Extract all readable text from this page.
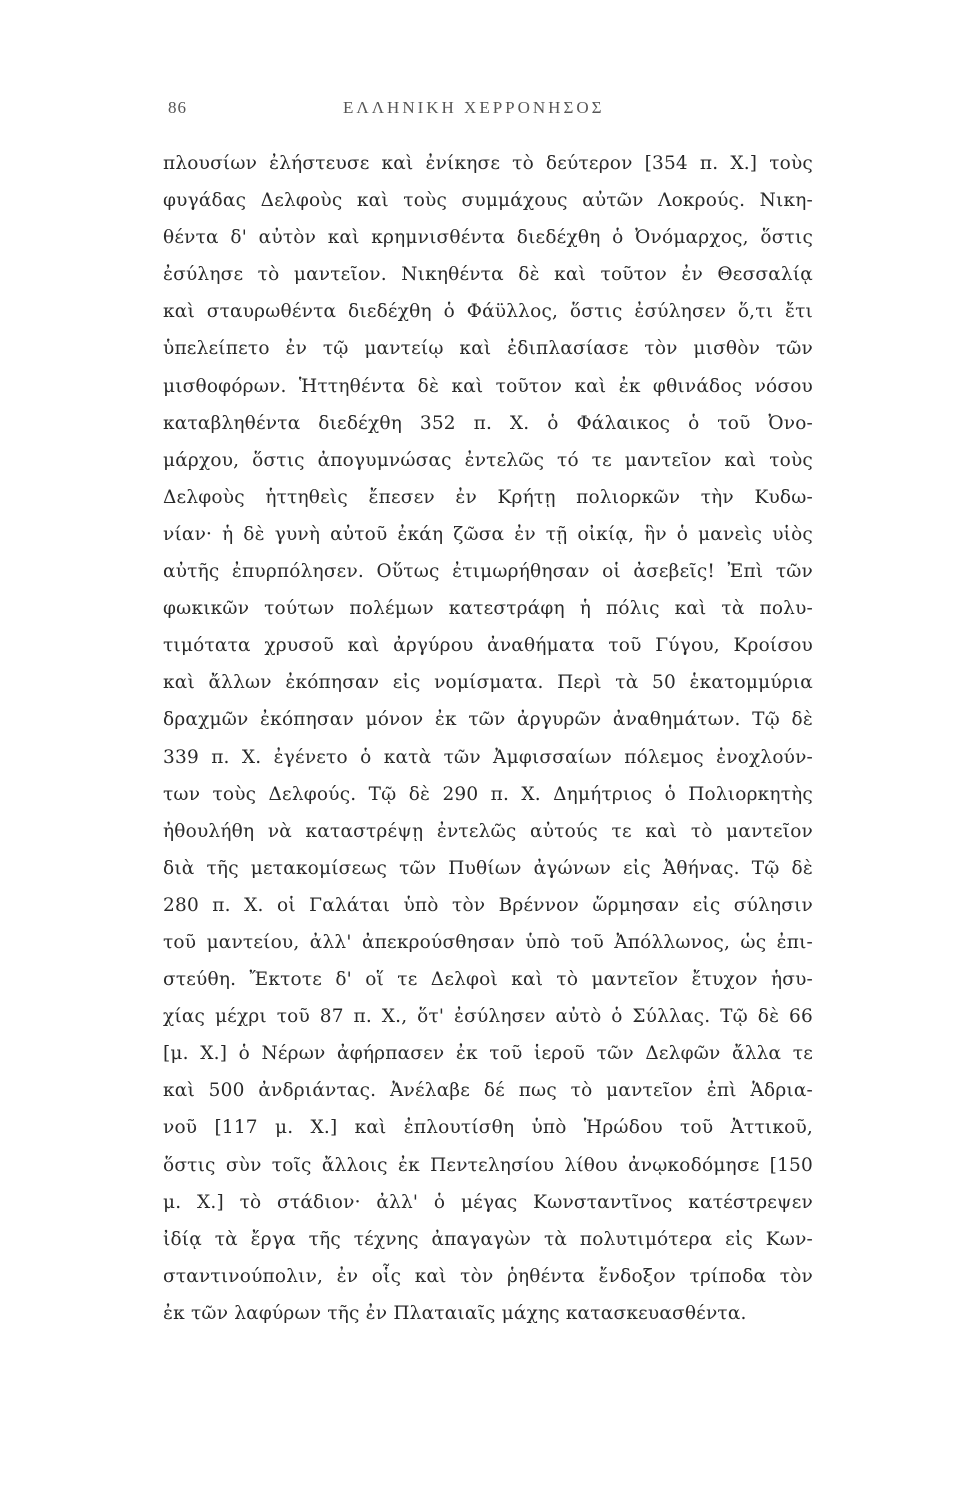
86	ΕΛΛΗΝΙΚΗ ΧΕΡΡΟΝΗΣΟΣ
πλουσίων ἐλήστευσε καὶ ἐνίκησε τὸ δεύτερον [354 π. Χ.] τοὺς
φυγάδας Δελφοὺς καὶ τοὺς συμμάχους αὐτῶν Λοκρούς. Νικη-
θέντα δ' αὐτὸν καὶ κρημνισθέντα διεδέχθη ὁ Ὀνόμαρχος, ὅστις
ἐσύλησε τὸ μαντεῖον. Νικηθέντα δὲ καὶ τοῦτον ἐν Θεσσαλίᾳ
καὶ σταυρωθέντα διεδέχθη ὁ Φάϋλλος, ὅστις ἐσύλησεν ὅ,τι ἔτι
ὑπελείπετο ἐν τῷ μαντείῳ καὶ ἐδιπλασίασε τὸν μισθὸν τῶν
μισθοφόρων. Ἡττηθέντα δὲ καὶ τοῦτον καὶ ἐκ φθινάδος νόσου
καταβληθέντα διεδέχθη 352 π. Χ. ὁ Φάλαικος ὁ τοῦ Ὀνο-
μάρχου, ὅστις ἀπογυμνώσας ἐντελῶς τό τε μαντεῖον καὶ τοὺς
Δελφοὺς ἡττηθεὶς ἔπεσεν ἐν Κρήτῃ πολιορκῶν τὴν Κυδω-
νίαν· ἡ δὲ γυνὴ αὐτοῦ ἐκάη ζῶσα ἐν τῇ οἰκίᾳ, ἣν ὁ μανεὶς υἱὸς
αὐτῆς ἐπυρπόλησεν. Οὕτως ἐτιμωρήθησαν οἱ ἀσεβεῖς! Ἐπὶ τῶν
φωκικῶν τούτων πολέμων κατεστράφη ἡ πόλις καὶ τὰ πολυ-
τιμότατα χρυσοῦ καὶ ἀργύρου ἀναθήματα τοῦ Γύγου, Κροίσου
καὶ ἄλλων ἐκόπησαν εἰς νομίσματα. Περὶ τὰ 50 ἑκατομμύρια
δραχμῶν ἐκόπησαν μόνον ἐκ τῶν ἀργυρῶν ἀναθημάτων. Τῷ δὲ
339 π. Χ. ἐγένετο ὁ κατὰ τῶν Ἀμφισσαίων πόλεμος ἐνοχλούν-
των τοὺς Δελφούς. Τῷ δὲ 290 π. Χ. Δημήτριος ὁ Πολιορκητὴς
ἠθουλήθη νὰ καταστρέψῃ ἐντελῶς αὐτούς τε καὶ τὸ μαντεῖον
διὰ τῆς μετακομίσεως τῶν Πυθίων ἀγώνων εἰς Ἀθήνας. Τῷ δὲ
280 π. Χ. οἱ Γαλάται ὑπὸ τὸν Βρέννον ὥρμησαν εἰς σύλησιν
τοῦ μαντείου, ἀλλ' ἀπεκρούσθησαν ὑπὸ τοῦ Ἀπόλλωνος, ὡς ἐπι-
στεύθη. Ἔκτοτε δ' οἵ τε Δελφοὶ καὶ τὸ μαντεῖον ἔτυχον ἡσυ-
χίας μέχρι τοῦ 87 π. Χ., ὅτ' ἐσύλησεν αὐτὸ ὁ Σύλλας. Τῷ δὲ 66
[μ. Χ.] ὁ Νέρων ἀφήρπασεν ἐκ τοῦ ἱεροῦ τῶν Δελφῶν ἄλλα τε
καὶ 500 ἀνδριάντας. Ἀνέλαβε δέ πως τὸ μαντεῖον ἐπὶ Ἁδρια-
νοῦ [117 μ. Χ.] καὶ ἐπλουτίσθη ὑπὸ Ἡρώδου τοῦ Ἀττικοῦ,
ὅστις σὺν τοῖς ἄλλοις ἐκ Πεντελησίου λίθου ἀνῳκοδόμησε [150
μ. Χ.] τὸ στάδιον· ἀλλ' ὁ μέγας Κωνσταντῖνος κατέστρεψεν
ἰδίᾳ τὰ ἔργα τῆς τέχνης ἀπαγαγὼν τὰ πολυτιμότερα εἰς Κων-
σταντινούπολιν, ἐν οἷς καὶ τὸν ῥηθέντα ἔνδοξον τρίποδα τὸν
ἐκ τῶν λαφύρων τῆς ἐν Πλαταιαῖς μάχης κατασκευασθέντα.
